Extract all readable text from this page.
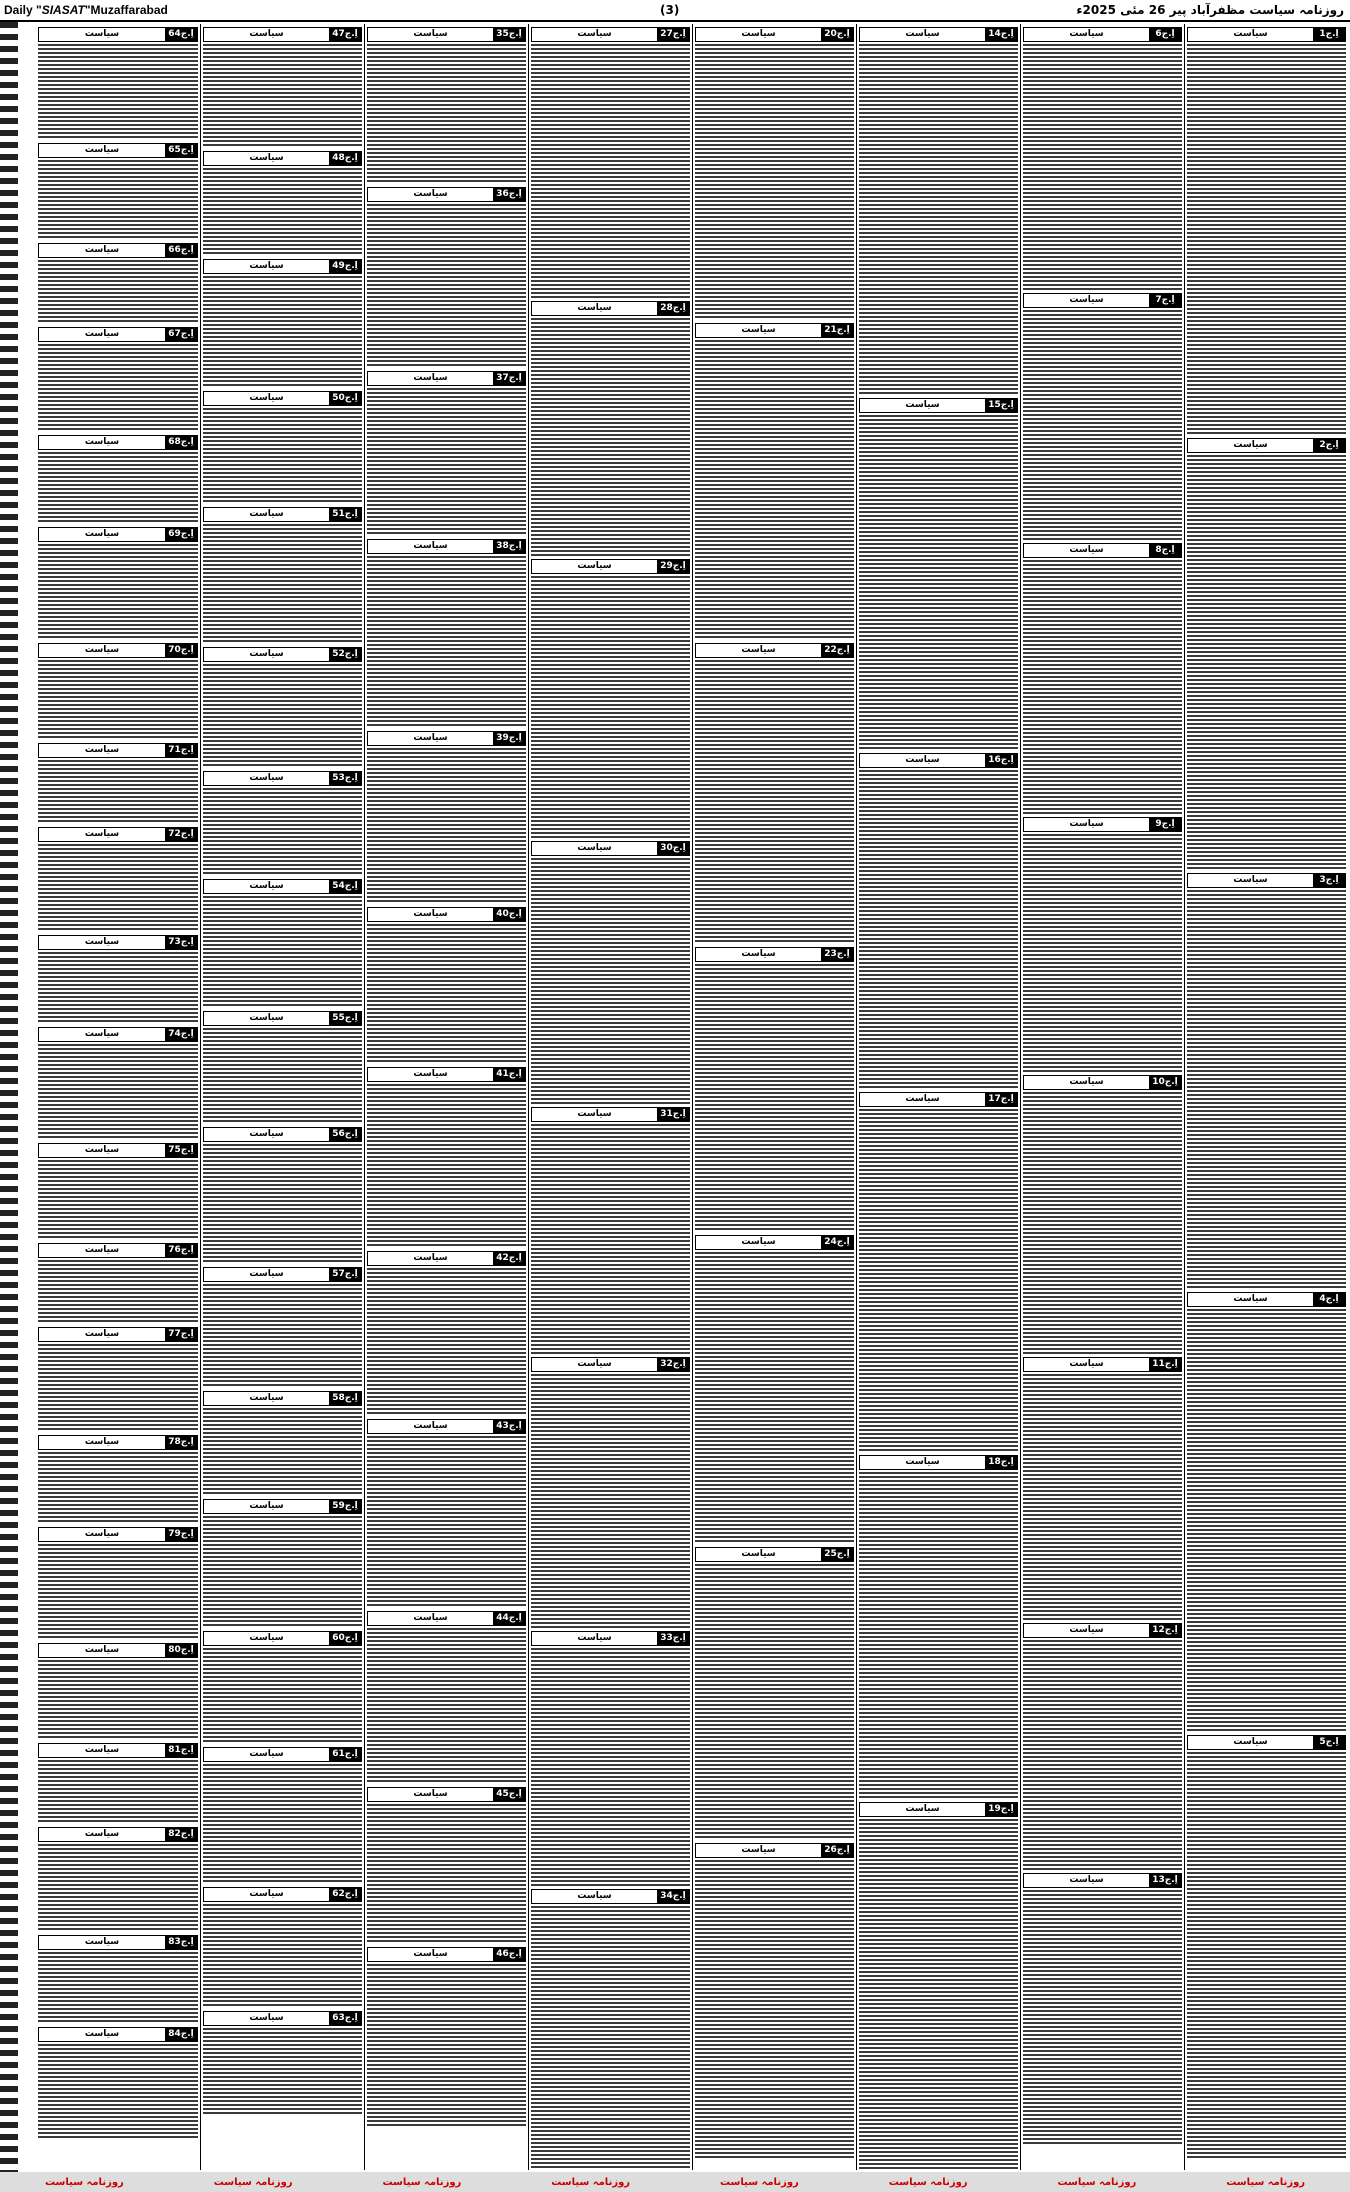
Daily "SIASAT"Muzaffarabad	(3)	روزنامہ سیاست مظفرآباد پیر 26 مئی 2025ء
اِ.ج1
سیاست
اِ.ج2
سیاست
اِ.ج3
سیاست
اِ.ج4
سیاست
اِ.ج5
سیاست
اِ.ج6
سیاست
اِ.ج7
سیاست
اِ.ج8
سیاست
اِ.ج9
سیاست
اِ.ج10
سیاست
اِ.ج11
سیاست
اِ.ج12
سیاست
اِ.ج13
سیاست
اِ.ج14
سیاست
اِ.ج15
سیاست
اِ.ج16
سیاست
اِ.ج17
سیاست
اِ.ج18
سیاست
اِ.ج19
سیاست
اِ.ج20
سیاست
اِ.ج21
سیاست
اِ.ج22
سیاست
اِ.ج23
سیاست
اِ.ج24
سیاست
اِ.ج25
سیاست
اِ.ج26
سیاست
اِ.ج27
سیاست
اِ.ج28
سیاست
اِ.ج29
سیاست
اِ.ج30
سیاست
اِ.ج31
سیاست
اِ.ج32
سیاست
اِ.ج33
سیاست
اِ.ج34
سیاست
اِ.ج35
سیاست
اِ.ج36
سیاست
اِ.ج37
سیاست
اِ.ج38
سیاست
اِ.ج39
سیاست
اِ.ج40
سیاست
اِ.ج41
سیاست
اِ.ج42
سیاست
اِ.ج43
سیاست
اِ.ج44
سیاست
اِ.ج45
سیاست
اِ.ج46
سیاست
اِ.ج47
سیاست
اِ.ج48
سیاست
اِ.ج49
سیاست
اِ.ج50
سیاست
اِ.ج51
سیاست
اِ.ج52
سیاست
اِ.ج53
سیاست
اِ.ج54
سیاست
اِ.ج55
سیاست
اِ.ج56
سیاست
اِ.ج57
سیاست
اِ.ج58
سیاست
اِ.ج59
سیاست
اِ.ج60
سیاست
اِ.ج61
سیاست
اِ.ج62
سیاست
اِ.ج63
سیاست
اِ.ج64
سیاست
اِ.ج65
سیاست
اِ.ج66
سیاست
اِ.ج67
سیاست
اِ.ج68
سیاست
اِ.ج69
سیاست
اِ.ج70
سیاست
اِ.ج71
سیاست
اِ.ج72
سیاست
اِ.ج73
سیاست
اِ.ج74
سیاست
اِ.ج75
سیاست
اِ.ج76
سیاست
اِ.ج77
سیاست
اِ.ج78
سیاست
اِ.ج79
سیاست
اِ.ج80
سیاست
اِ.ج81
سیاست
اِ.ج82
سیاست
اِ.ج83
سیاست
اِ.ج84
سیاست
روزنامہ سیاست	روزنامہ سیاست	روزنامہ سیاست	روزنامہ سیاست	روزنامہ سیاست	روزنامہ سیاست	روزنامہ سیاست	روزنامہ سیاست
